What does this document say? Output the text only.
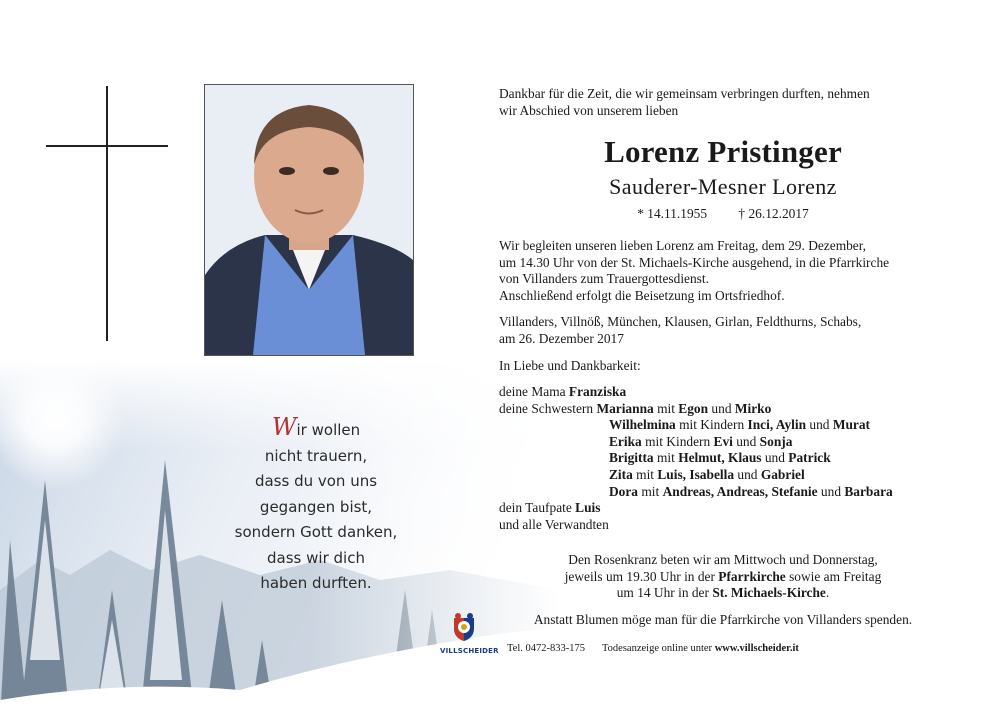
Wir wollen
nicht trauern,
dass du von uns
gegangen bist,
sondern Gott danken,
dass wir dich
haben durften.
Dankbar für die Zeit, die wir gemeinsam verbringen durften, nehmen
wir Abschied von unserem lieben
Lorenz Pristinger
Sauderer-Mesner Lorenz
* 14.11.1955 † 26.12.2017
Wir begleiten unseren lieben Lorenz am Freitag, dem 29. Dezember,
um 14.30 Uhr von der St. Michaels-Kirche ausgehend, in die Pfarrkirche
von Villanders zum Trauergottesdienst.
Anschließend erfolgt die Beisetzung im Ortsfriedhof.
Villanders, Villnöß, München, Klausen, Girlan, Feldthurns, Schabs,
am 26. Dezember 2017
In Liebe und Dankbarkeit:
deine Mama Franziska
deine Schwestern Marianna mit Egon und Mirko
Wilhelmina mit Kindern Inci, Aylin und Murat
Erika mit Kindern Evi und Sonja
Brigitta mit Helmut, Klaus und Patrick
Zita mit Luis, Isabella und Gabriel
Dora mit Andreas, Andreas, Stefanie und Barbara
dein Taufpate Luis
und alle Verwandten
Den Rosenkranz beten wir am Mittwoch und Donnerstag,
jeweils um 19.30 Uhr in der Pfarrkirche sowie am Freitag
um 14 Uhr in der St. Michaels-Kirche.
Anstatt Blumen möge man für die Pfarrkirche von Villanders spenden.
VILLSCHEIDER Tel. 0472-833-175 Todesanzeige online unter www.villscheider.it
